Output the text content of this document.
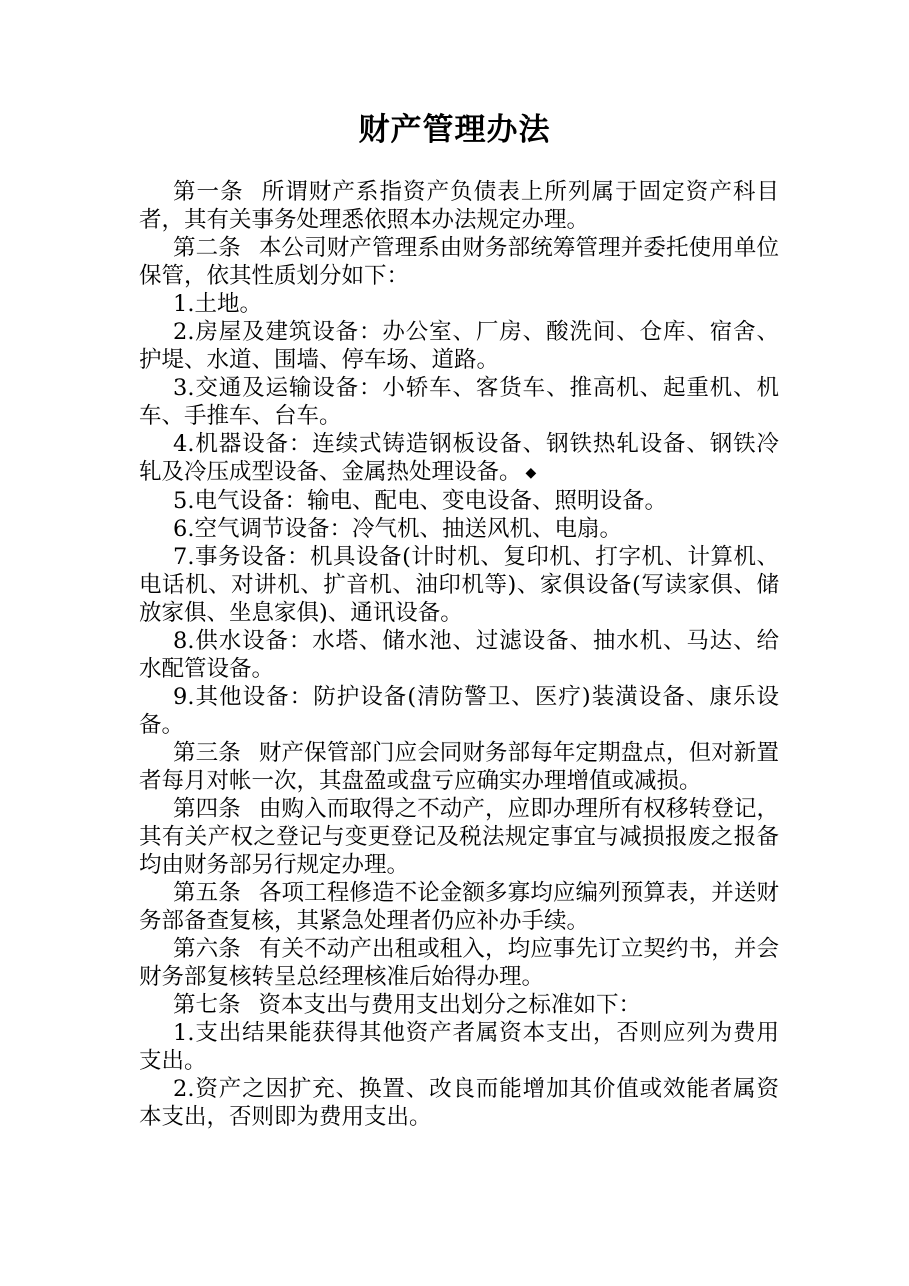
财产管理办法

第一条 所谓财产系指资产负债表上所列属于固定资产科目者，其有关事务处理悉依照本办法规定办理。

第二条 本公司财产管理系由财务部统筹管理并委托使用单位保管，依其性质划分如下：

1.土地。

2.房屋及建筑设备：办公室、厂房、酸洗间、仓库、宿舍、护堤、水道、围墙、停车场、道路。

3.交通及运输设备：小轿车、客货车、推高机、起重机、机车、手推车、台车。

4.机器设备：连续式铸造钢板设备、钢铁热轧设备、钢铁冷轧及冷压成型设备、金属热处理设备。 ◆

5.电气设备：输电、配电、变电设备、照明设备。

6.空气调节设备：冷气机、抽送风机、电扇。

7.事务设备：机具设备(计时机、复印机、打字机、计算机、电话机、对讲机、扩音机、油印机等)、家俱设备(写读家俱、储放家俱、坐息家俱)、通讯设备。

8.供水设备：水塔、储水池、过滤设备、抽水机、马达、给水配管设备。

9.其他设备：防护设备(清防警卫、医疗)装潢设备、康乐设备。

第三条 财产保管部门应会同财务部每年定期盘点，但对新置者每月对帐一次，其盘盈或盘亏应确实办理增值或减损。

第四条 由购入而取得之不动产，应即办理所有权移转登记，其有关产权之登记与变更登记及税法规定事宜与减损报废之报备均由财务部另行规定办理。

第五条 各项工程修造不论金额多寡均应编列预算表，并送财务部备查复核，其紧急处理者仍应补办手续。

第六条 有关不动产出租或租入，均应事先订立契约书，并会财务部复核转呈总经理核准后始得办理。

第七条 资本支出与费用支出划分之标准如下：

1.支出结果能获得其他资产者属资本支出，否则应列为费用支出。

2.资产之因扩充、换置、改良而能增加其价值或效能者属资本支出，否则即为费用支出。
